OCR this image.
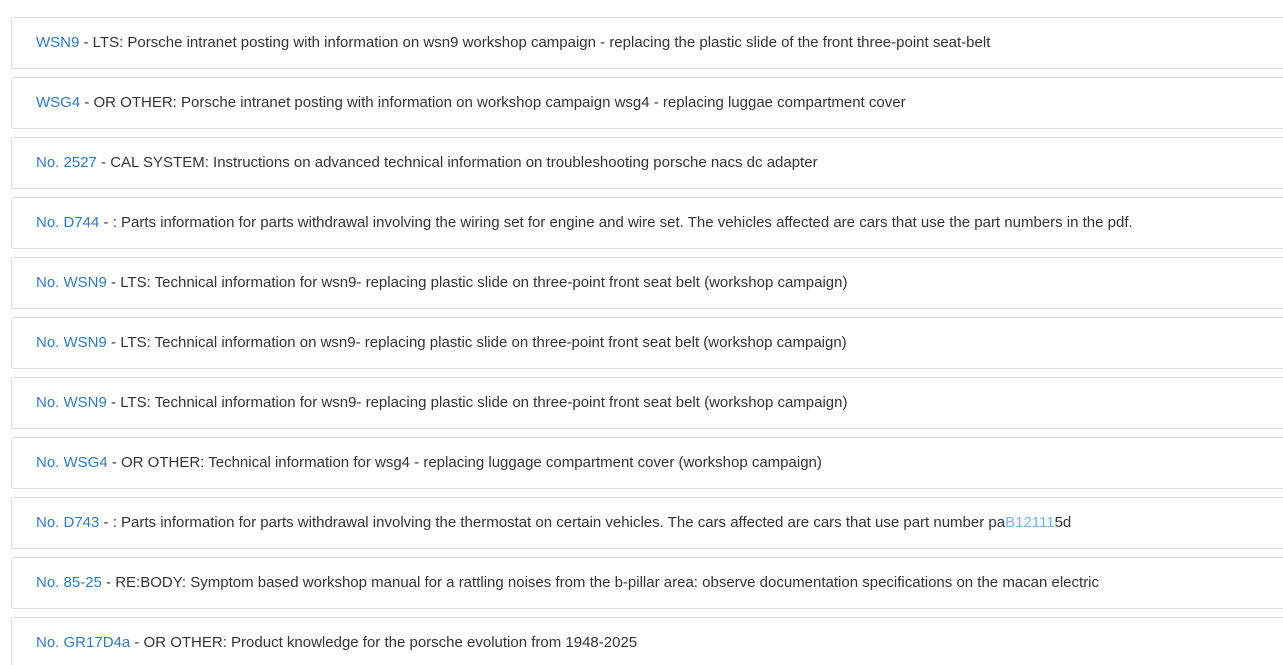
WSN9 - LTS: Porsche intranet posting with information on wsn9 workshop campaign - replacing the plastic slide of the front three-point seat-belt
WSG4 - OR OTHER: Porsche intranet posting with information on workshop campaign wsg4 - replacing luggae compartment cover
No. 2527 - CAL SYSTEM: Instructions on advanced technical information on troubleshooting porsche nacs dc adapter
No. D744 - : Parts information for parts withdrawal involving the wiring set for engine and wire set. The vehicles affected are cars that use the part numbers in the pdf.
No. WSN9 - LTS: Technical information for wsn9- replacing plastic slide on three-point front seat belt (workshop campaign)
No. WSN9 - LTS: Technical information on wsn9- replacing plastic slide on three-point front seat belt (workshop campaign)
No. WSN9 - LTS: Technical information for wsn9- replacing plastic slide on three-point front seat belt (workshop campaign)
No. WSG4 - OR OTHER: Technical information for wsg4 - replacing luggage compartment cover (workshop campaign)
No. D743 - : Parts information for parts withdrawal involving the thermostat on certain vehicles. The cars affected are cars that use part number paB121115d
No. 85-25 - RE:BODY: Symptom based workshop manual for a rattling noises from the b-pillar area: observe documentation specifications on the macan electric
No. GR17D4a - OR OTHER: Product knowledge for the porsche evolution from 1948-2025
